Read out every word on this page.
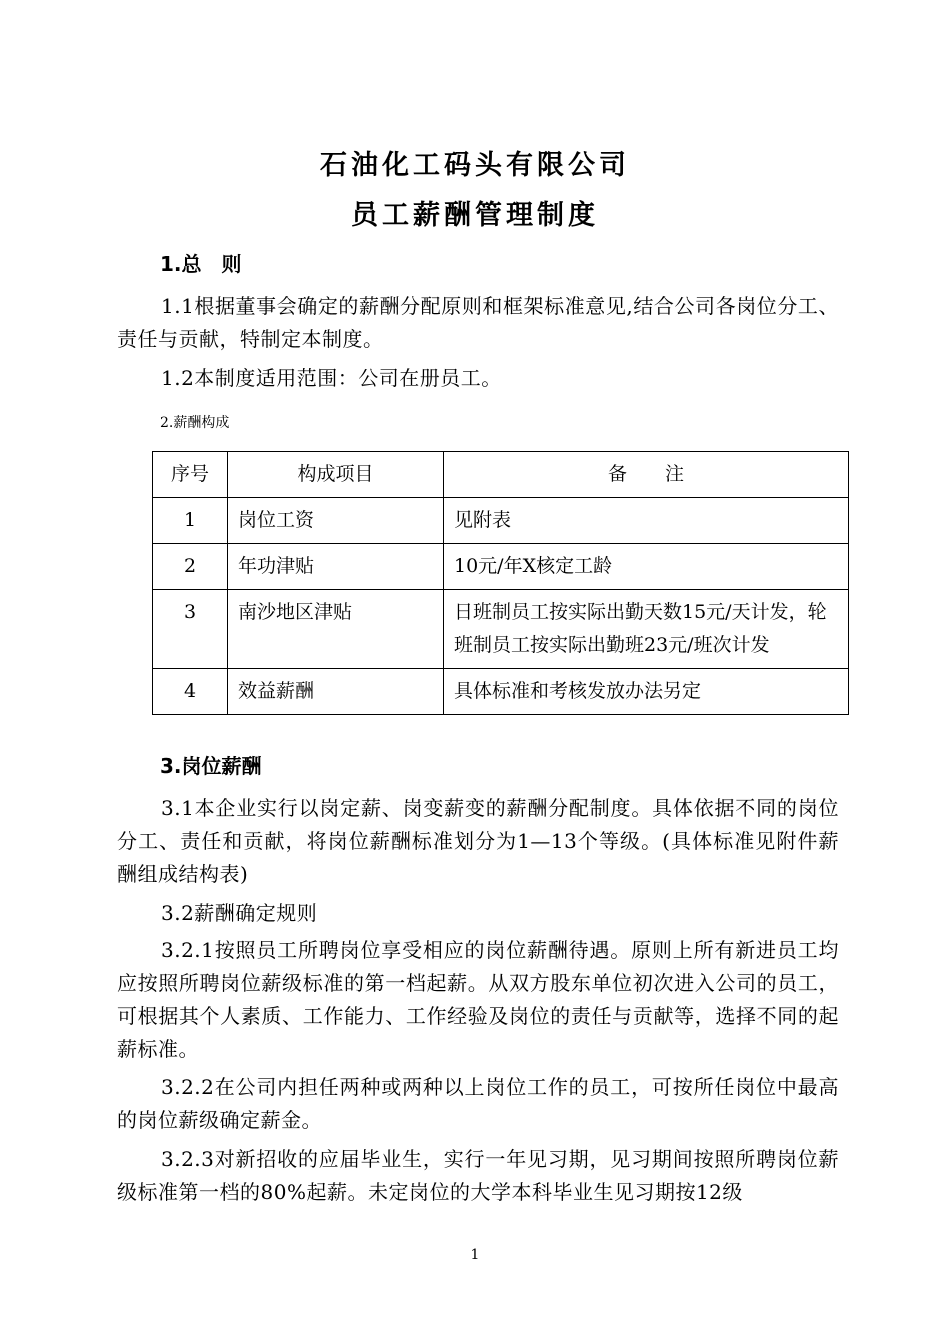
石油化工码头有限公司
员工薪酬管理制度
1.总　则
1.1根据董事会确定的薪酬分配原则和框架标准意见,结合公司各岗位分工、责任与贡献，特制定本制度。
1.2本制度适用范围：公司在册员工。
2.薪酬构成
序号	构成项目	备　　注
1	岗位工资	见附表
2	年功津贴	10元/年X核定工龄
3	南沙地区津贴	日班制员工按实际出勤天数15元/天计发，轮班制员工按实际出勤班23元/班次计发
4	效益薪酬	具体标准和考核发放办法另定
3.岗位薪酬
3.1本企业实行以岗定薪、岗变薪变的薪酬分配制度。具体依据不同的岗位分工、责任和贡献，将岗位薪酬标准划分为1—13个等级。(具体标准见附件薪酬组成结构表)
3.2薪酬确定规则
3.2.1按照员工所聘岗位享受相应的岗位薪酬待遇。原则上所有新进员工均应按照所聘岗位薪级标准的第一档起薪。从双方股东单位初次进入公司的员工，可根据其个人素质、工作能力、工作经验及岗位的责任与贡献等，选择不同的起薪标准。
3.2.2在公司内担任两种或两种以上岗位工作的员工，可按所任岗位中最高的岗位薪级确定薪金。
3.2.3对新招收的应届毕业生，实行一年见习期，见习期间按照所聘岗位薪级标准第一档的80%起薪。未定岗位的大学本科毕业生见习期按12级
1
